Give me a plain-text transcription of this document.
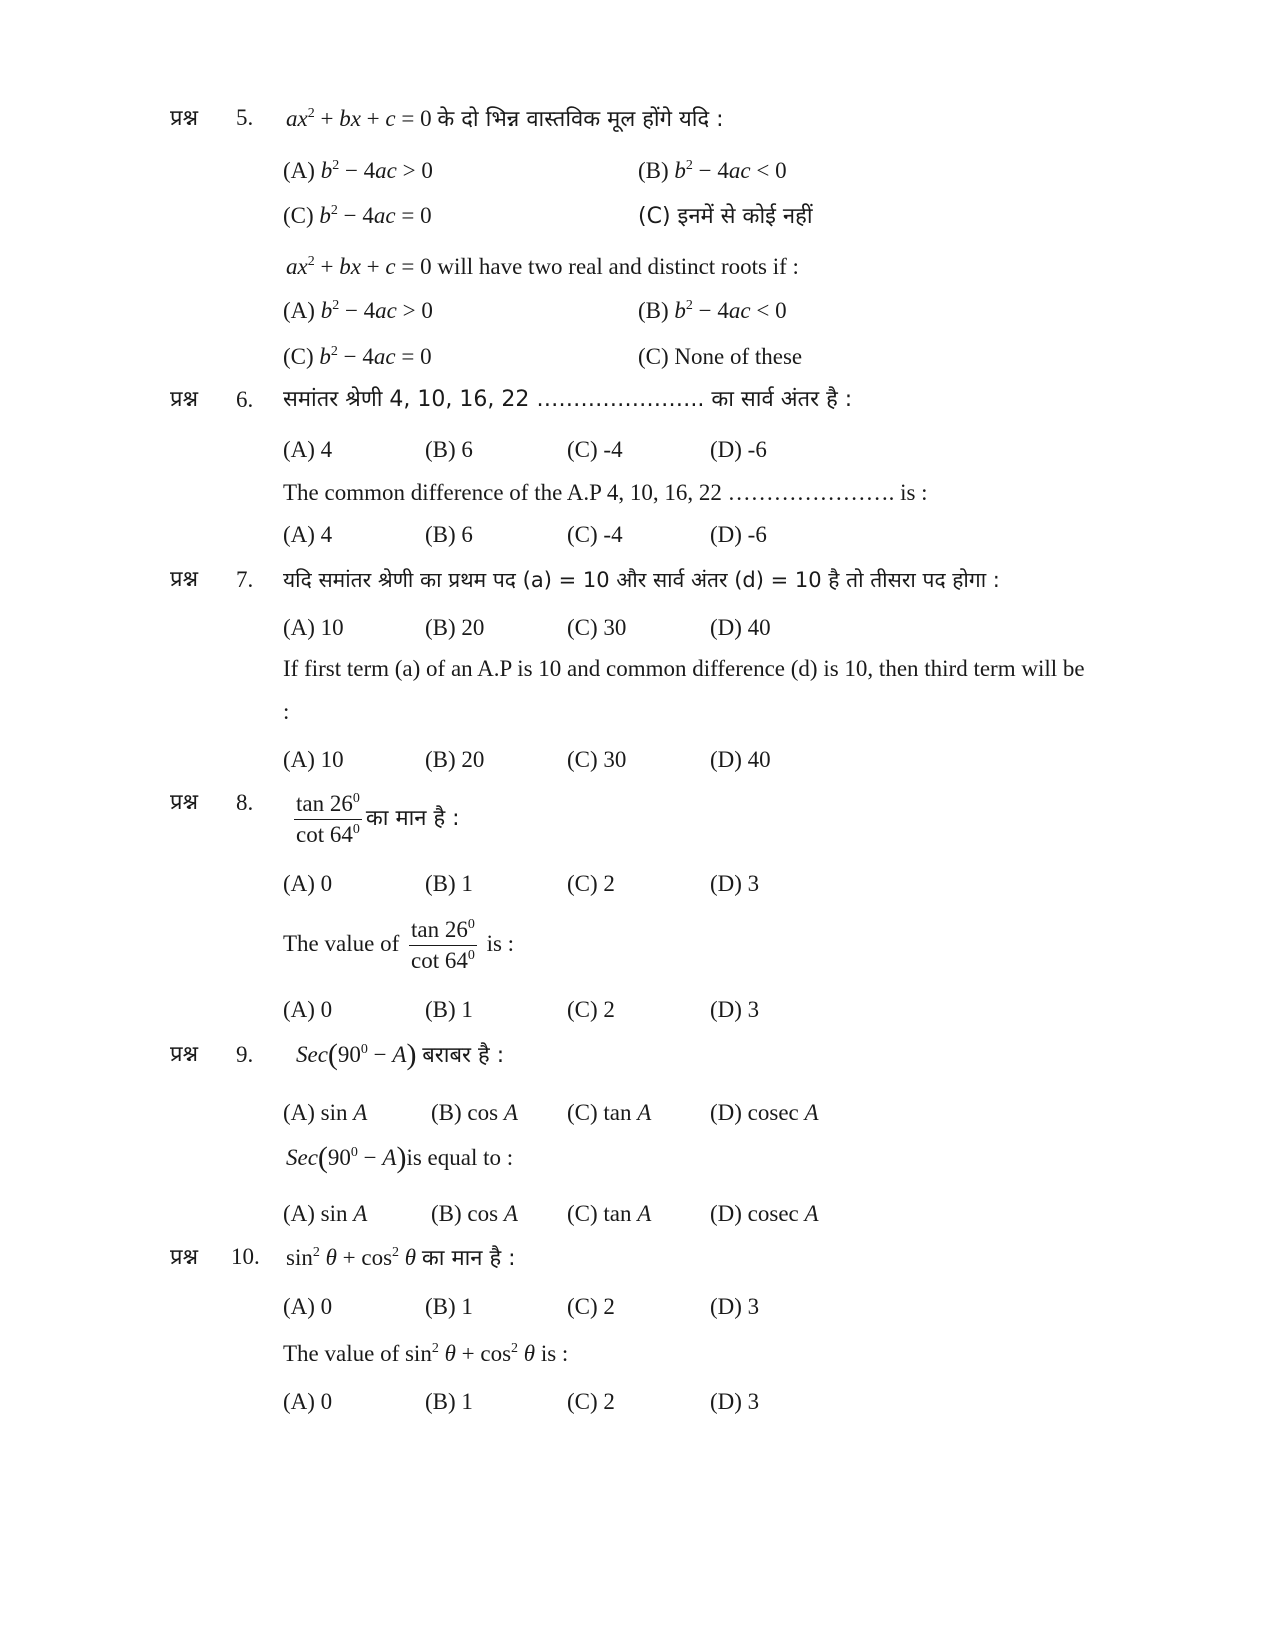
प्रश्न 5. $ax^2$ + bx + c = 0 के दो भिन्न वास्तविक मूल होंगे यदि :
(A) $b^2 - 4ac > 0$	(B) $b^2 - 4ac < 0$
(C) $b^2 - 4ac = 0$	(C) इनमें से कोई नहीं
$ax^2$ + bx + c = 0 will have two real and distinct roots if :
(A) $b^2 - 4ac > 0$	(B) $b^2 - 4ac < 0$
(C) $b^2 - 4ac = 0$	(C) None of these
प्रश्न 6. समांतर श्रेणी 4, 10, 16, 22 ………………….. का सार्व अंतर है :
(A) 4	(B) 6	(C) -4	(D) -6
The common difference of the A.P 4, 10, 16, 22 …………………. is :
(A) 4	(B) 6	(C) -4	(D) -6
प्रश्न 7. यदि समांतर श्रेणी का प्रथम पद (a) = 10 और सार्व अंतर (d) = 10 है तो तीसरा पद होगा :
(A) 10	(B) 20	(C) 30	(D) 40
If first term (a) of an A.P is 10 and common difference (d) is 10, then third term will be
:
(A) 10	(B) 20	(C) 30	(D) 40
प्रश्न 8. $\frac{\tan 26^0}{\cot 64^0}$ का मान है :
(A) 0	(B) 1	(C) 2	(D) 3
The value of $\frac{\tan 26^0}{\cot 64^0}$ is :
(A) 0	(B) 1	(C) 2	(D) 3
प्रश्न 9. $Sec(90^0 - A)$ बराबर है :
(A) sin A	(B) cos A (C) tan A	(D) cosec A
$Sec(90^0 - A)is$ equal to :
(A) sin A	(B) cos A (C) tan A	(D) cosec A
प्रश्न 10. $\sin^2 \theta + \cos^2 \theta$ का मान है :
(A) 0	(B) 1	(C) 2	(D) 3
The value of $\sin^2 \theta + \cos^2 \theta$ is :
(A) 0	(B) 1	(C) 2	(D) 3
